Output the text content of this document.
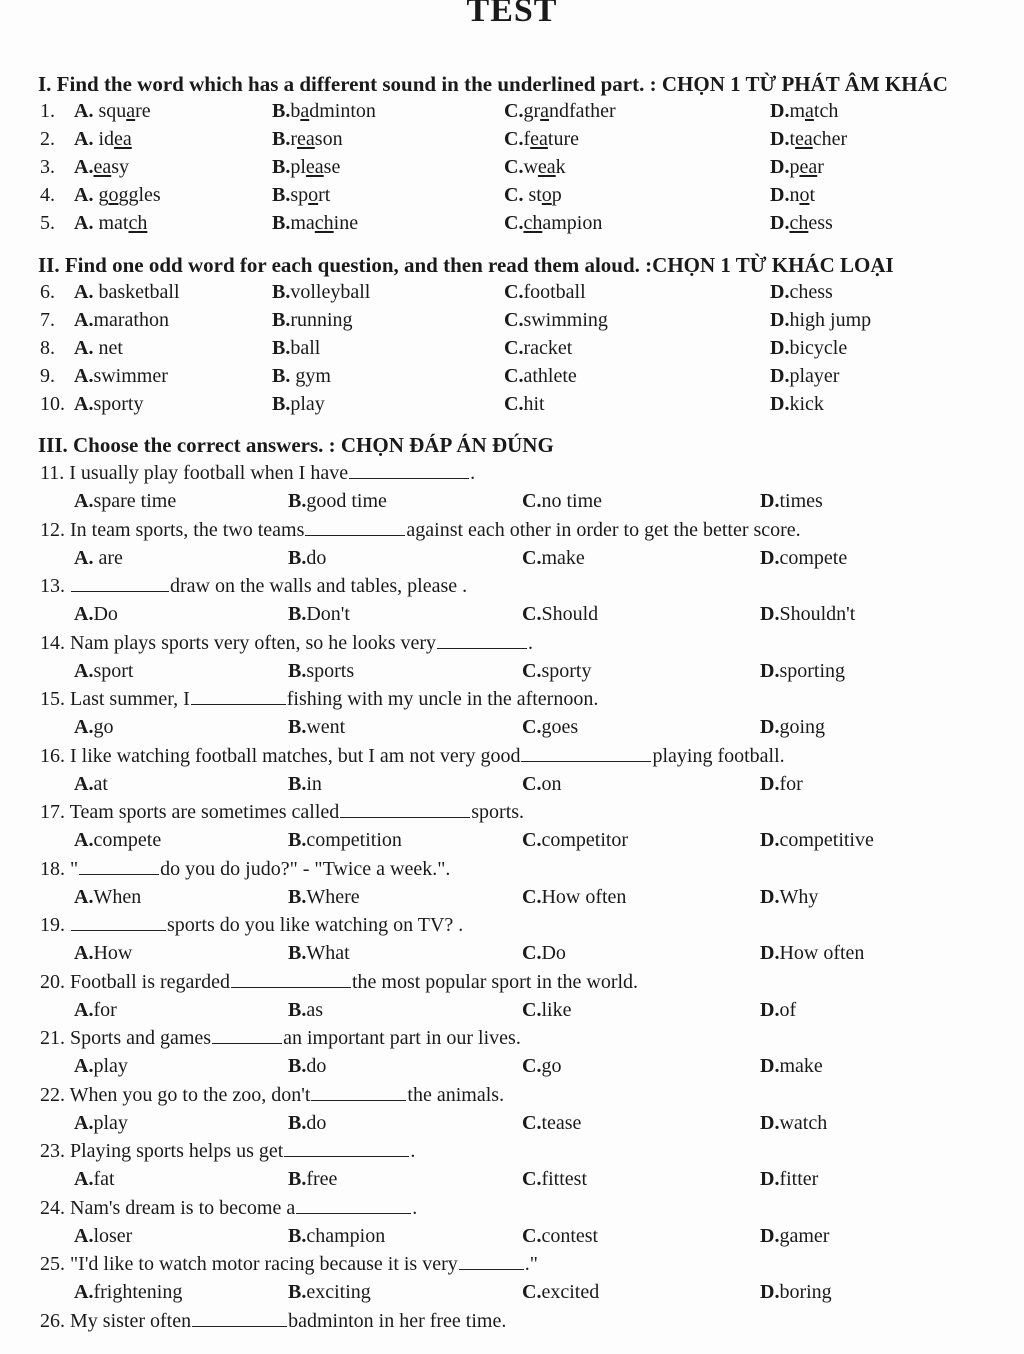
TEST
I. Find the word which has a different sound in the underlined part. : CHỌN 1 TỪ PHÁT ÂM KHÁC
1. A. square	B.badminton	C.grandfather	D.match
2. A. idea	B.reason	C.feature	D.teacher
3. A.easy	B.please	C.weak	D.pear
4. A. goggles	B.sport	C. stop	D.not
5. A. match	B.machine	C.champion	D.chess
II. Find one odd word for each question, and then read them aloud. :CHỌN 1 TỪ KHÁC LOẠI
6. A. basketball	B.volleyball	C.football	D.chess
7. A.marathon	B.running	C.swimming	D.high jump
8. A. net	B.ball	C.racket	D.bicycle
9. A.swimmer	B. gym	C.athlete	D.player
10. A.sporty	B.play	C.hit	D.kick
III. Choose the correct answers. : CHỌN ĐÁP ÁN ĐÚNG
11. I usually play football when I have	.
A.spare time	B.good time	C.no time	D.times
12. In team sports, the two teams	against each other in order to get the better score.
A. are	B.do	C.make	D.compete
13.	draw on the walls and tables, please .
A.Do	B.Don't	C.Should	D.Shouldn't
14. Nam plays sports very often, so he looks very	.
A.sport	B.sports	C.sporty	D.sporting
15. Last summer, I	fishing with my uncle in the afternoon.
A.go	B.went	C.goes	D.going
16. I like watching football matches, but I am not very good	playing football.
A.at	B.in	C.on	D.for
17. Team sports are sometimes called	sports.
A.compete	B.competition	C.competitor	D.competitive
18. "	do you do judo?" - "Twice a week.".
A.When	B.Where	C.How often	D.Why
19.	sports do you like watching on TV? .
A.How	B.What	C.Do	D.How often
20. Football is regarded	the most popular sport in the world.
A.for	B.as	C.like	D.of
21. Sports and games	an important part in our lives.
A.play	B.do	C.go	D.make
22. When you go to the zoo, don't	the animals.
A.play	B.do	C.tease	D.watch
23. Playing sports helps us get	.
A.fat	B.free	C.fittest	D.fitter
24. Nam's dream is to become a	.
A.loser	B.champion	C.contest	D.gamer
25. "I'd like to watch motor racing because it is very	."
A.frightening	B.exciting	C.excited	D.boring
26. My sister often	badminton in her free time.
